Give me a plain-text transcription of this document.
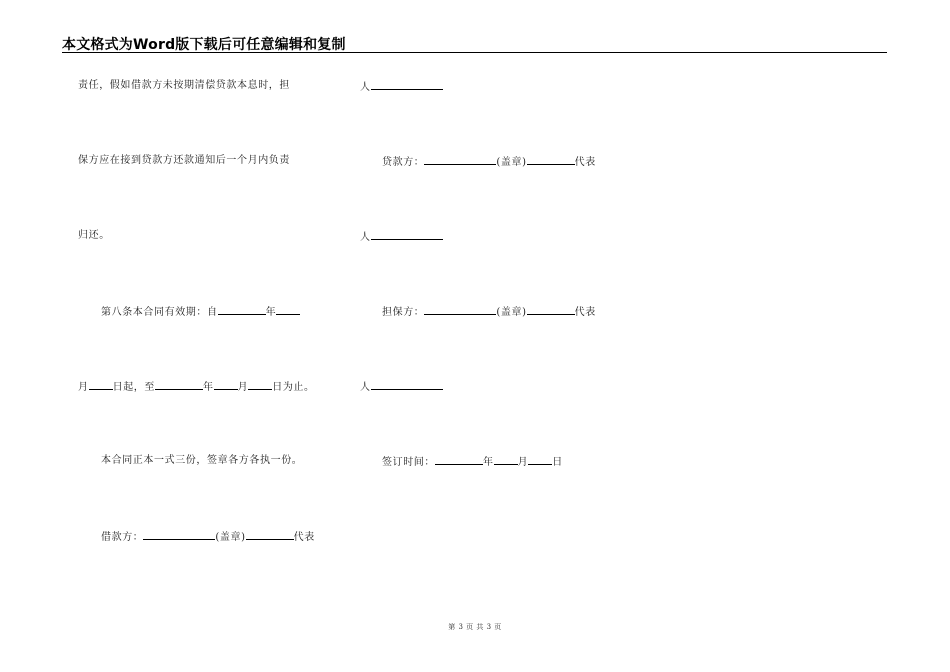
本文格式为Word版下载后可任意编辑和复制
责任，假如借款方未按期清偿贷款本息时，担
保方应在接到贷款方还款通知后一个月内负责
归还。
第八条本合同有效期：自	年
月 日起，至	年 月 日为止。
本合同正本一式三份，签章各方各执一份。
借款方：	(盖章)	代表
人
贷款方：	(盖章)	代表
人
担保方：	(盖章)	代表
人
签订时间：	年 月 日
第 3 页 共 3 页
